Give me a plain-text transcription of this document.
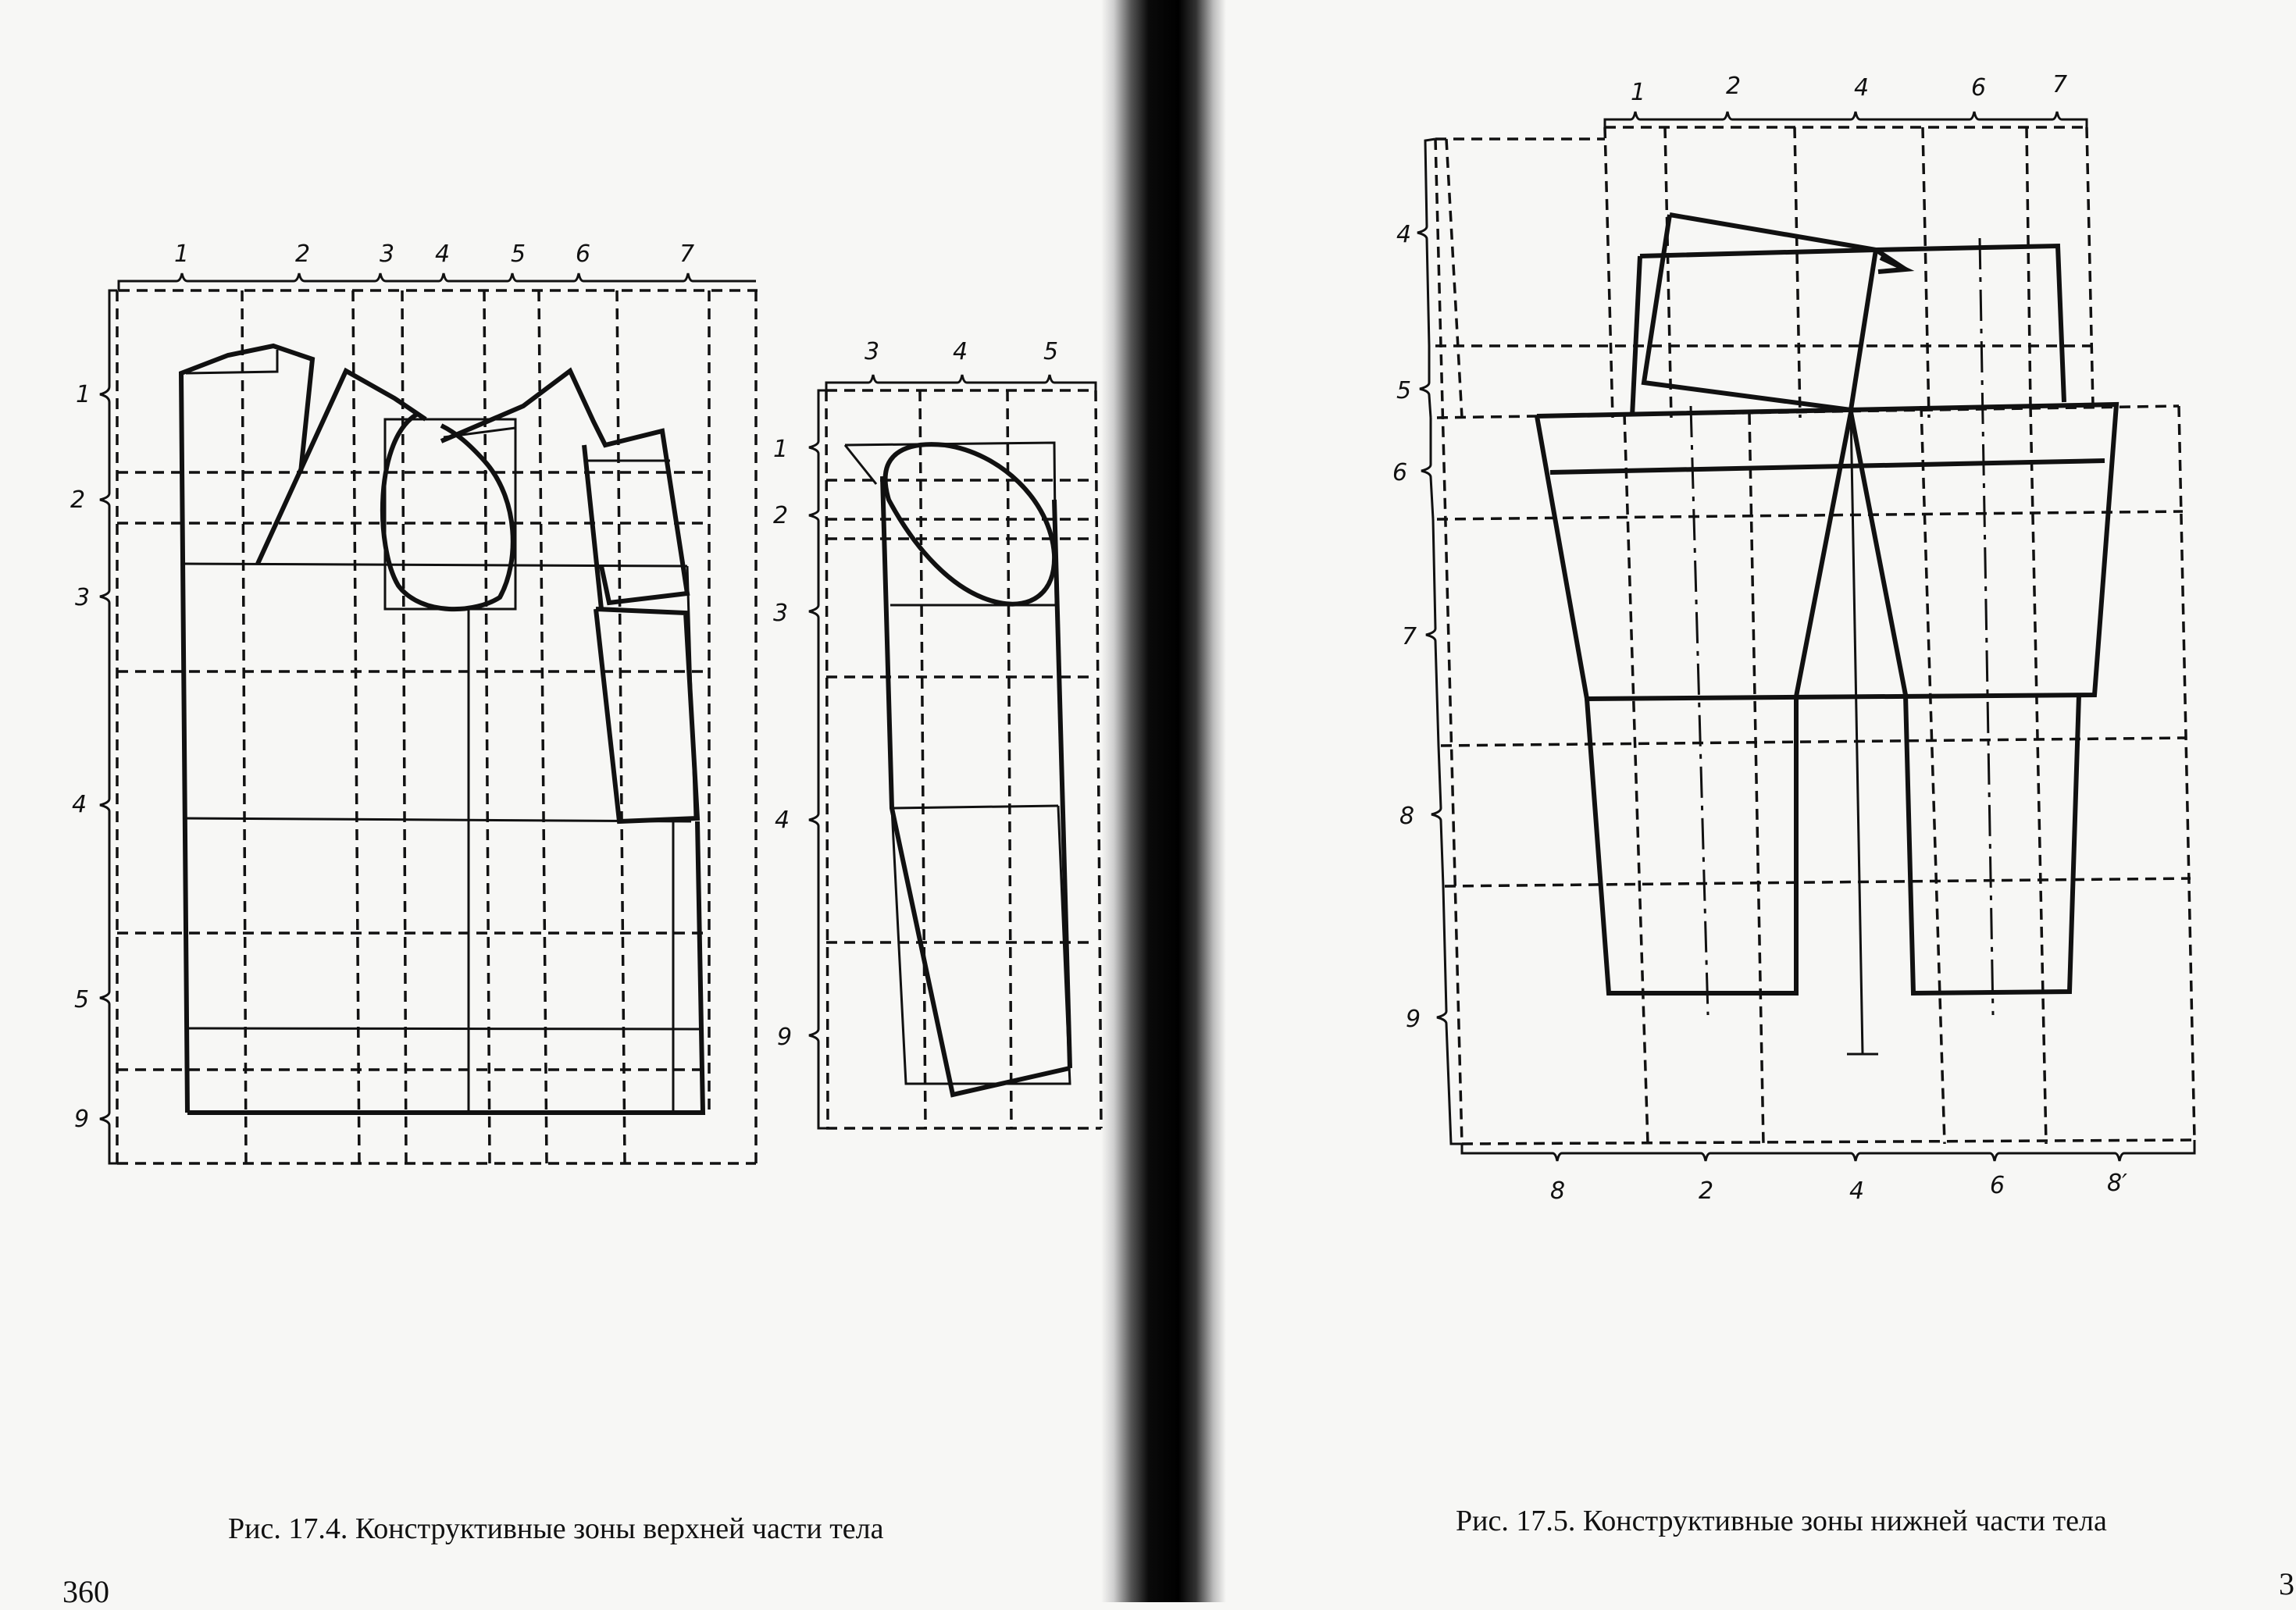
1	2	3 4	5 6	7
1
2
3
4
5
9
3	4	5
1
2
3
4
9
1	2	4	6	7
4
5
6
7
8
9
8	2	4	6	8′
Рис. 17.4. Конструктивные зоны верхней части тела	Рис. 17.5. Конструктивные зоны нижней части тела
360	3
